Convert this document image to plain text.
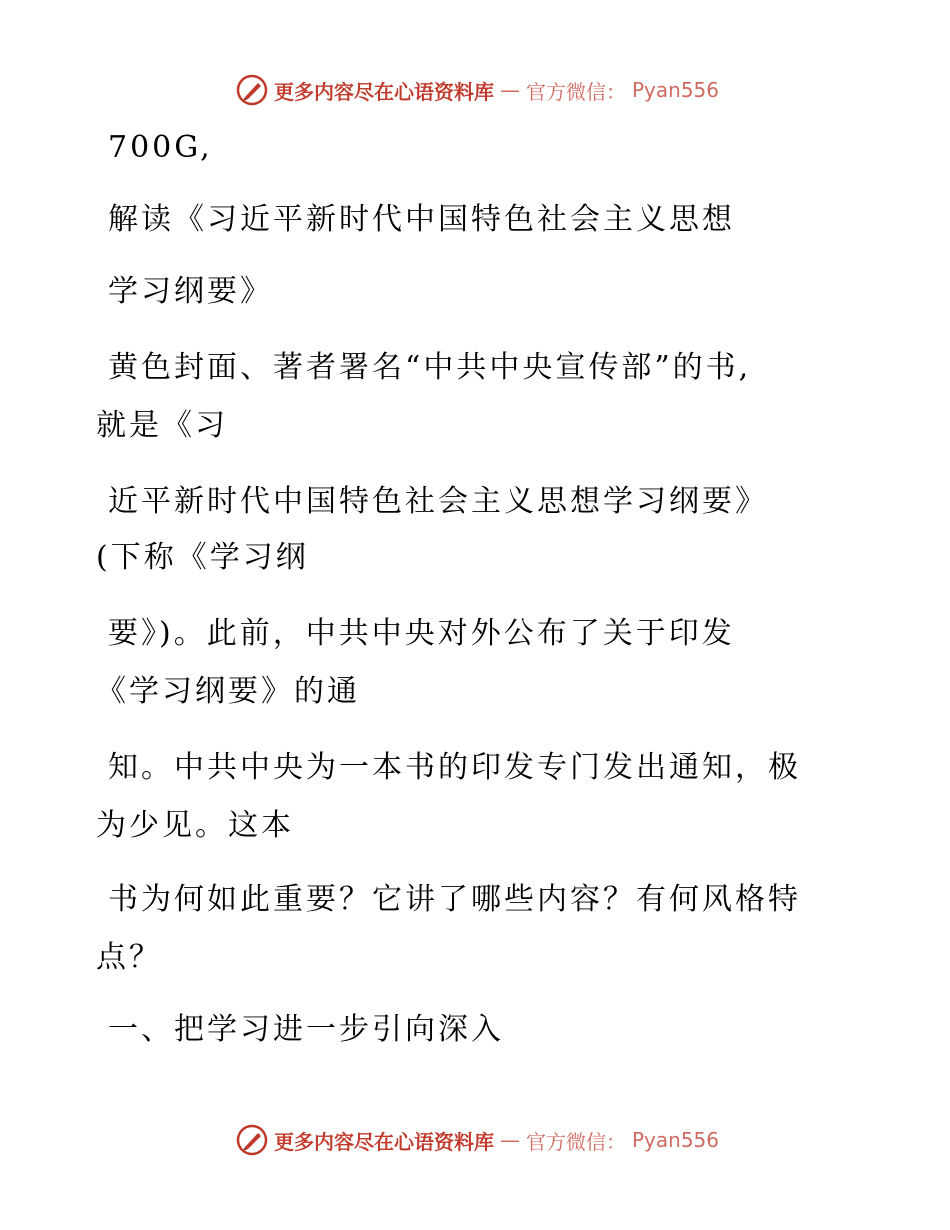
更多内容尽在心语资料库 — 官方微信： Pyan556
700G,
解读《习近平新时代中国特色社会主义思想
学习纲要》
黄色封面、著者署名“中共中央宣传部”的书,
就是《习
近平新时代中国特色社会主义思想学习纲要》
(下称《学习纲
要》)。此前，中共中央对外公布了关于印发
《学习纲要》的通
知。中共中央为一本书的印发专门发出通知，极
为少见。这本
书为何如此重要？它讲了哪些内容？有何风格特
点？
一、把学习进一步引向深入
更多内容尽在心语资料库 — 官方微信： Pyan556
